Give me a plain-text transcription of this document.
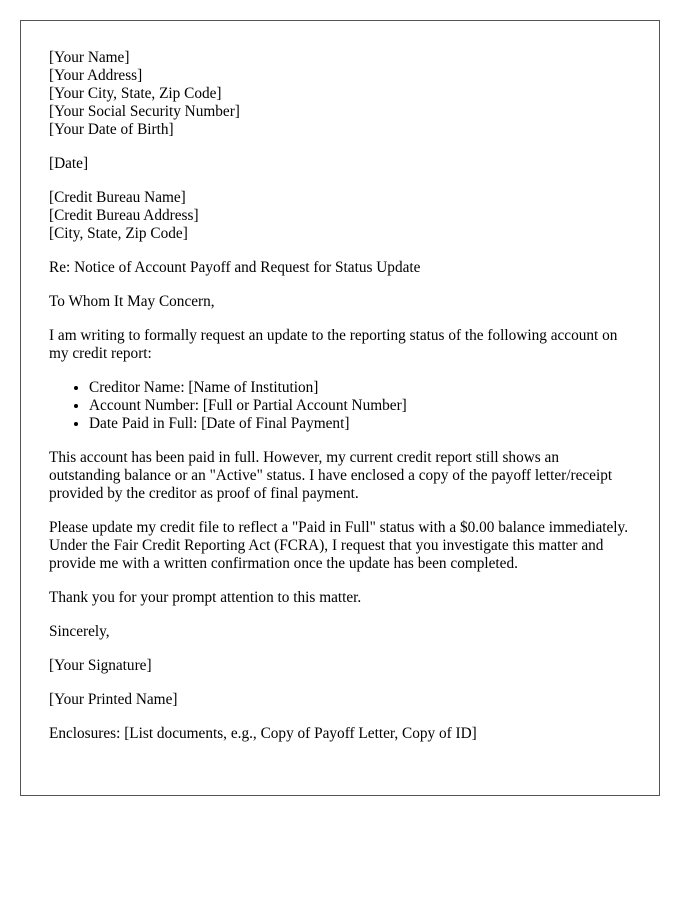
[Your Name]
[Your Address]
[Your City, State, Zip Code]
[Your Social Security Number]
[Your Date of Birth]

[Date]

[Credit Bureau Name]
[Credit Bureau Address]
[City, State, Zip Code]

Re: Notice of Account Payoff and Request for Status Update

To Whom It May Concern,

I am writing to formally request an update to the reporting status of the following account on my credit report:

• Creditor Name: [Name of Institution]
• Account Number: [Full or Partial Account Number]
• Date Paid in Full: [Date of Final Payment]

This account has been paid in full. However, my current credit report still shows an outstanding balance or an "Active" status. I have enclosed a copy of the payoff letter/receipt provided by the creditor as proof of final payment.

Please update my credit file to reflect a "Paid in Full" status with a $0.00 balance immediately. Under the Fair Credit Reporting Act (FCRA), I request that you investigate this matter and provide me with a written confirmation once the update has been completed.

Thank you for your prompt attention to this matter.

Sincerely,

[Your Signature]

[Your Printed Name]

Enclosures: [List documents, e.g., Copy of Payoff Letter, Copy of ID]
